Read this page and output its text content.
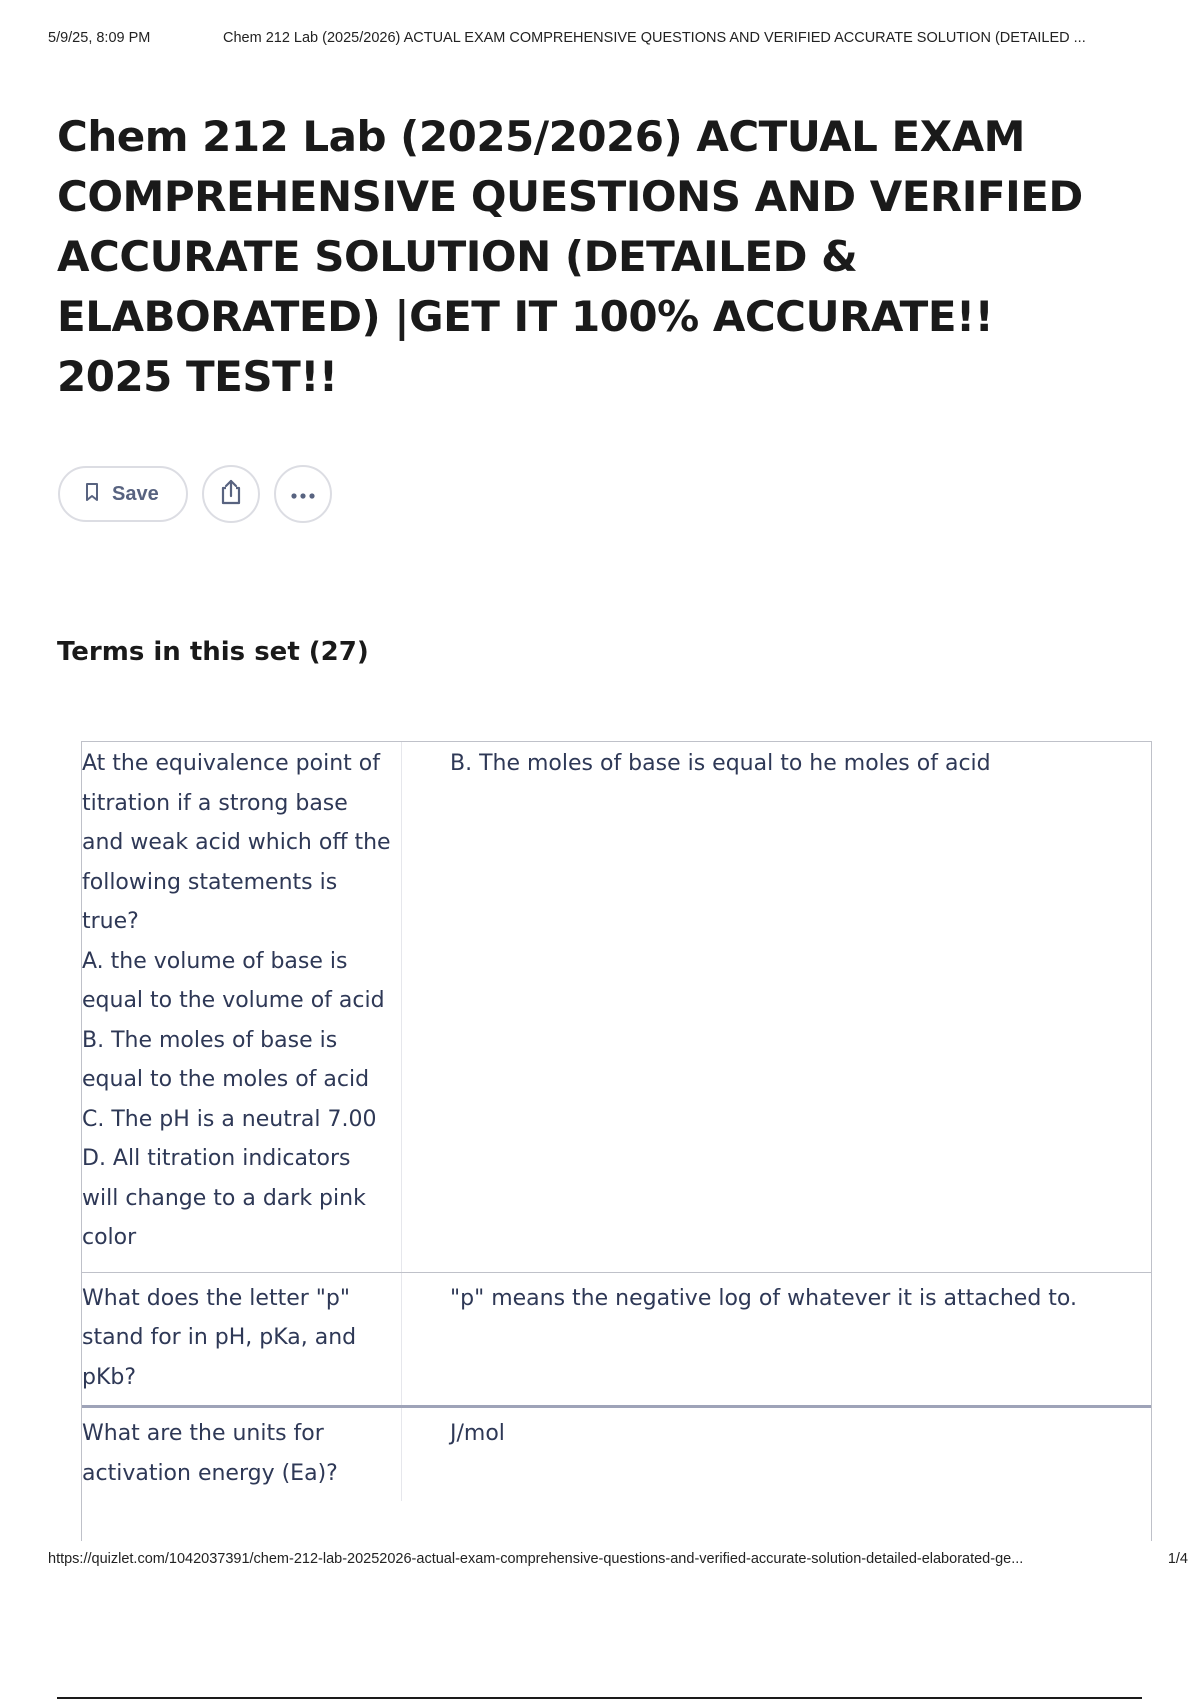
5/9/25, 8:09 PM	Chem 212 Lab (2025/2026) ACTUAL EXAM COMPREHENSIVE QUESTIONS AND VERIFIED ACCURATE SOLUTION (DETAILED ...
Chem 212 Lab (2025/2026) ACTUAL EXAM COMPREHENSIVE QUESTIONS AND VERIFIED ACCURATE SOLUTION (DETAILED & ELABORATED) |GET IT 100% ACCURATE!! 2025 TEST!!
Save
Terms in this set (27)
At the equivalence point of titration if a strong base and weak acid which off the following statements is true?
A. the volume of base is equal to the volume of acid
B. The moles of base is equal to the moles of acid
C. The pH is a neutral 7.00
D. All titration indicators will change to a dark pink color
B. The moles of base is equal to he moles of acid
What does the letter "p" stand for in pH, pKa, and pKb?
"p" means the negative log of whatever it is attached to.
What are the units for activation energy (Ea)?
J/mol
https://quizlet.com/1042037391/chem-212-lab-20252026-actual-exam-comprehensive-questions-and-verified-accurate-solution-detailed-elaborated-ge...	1/4
